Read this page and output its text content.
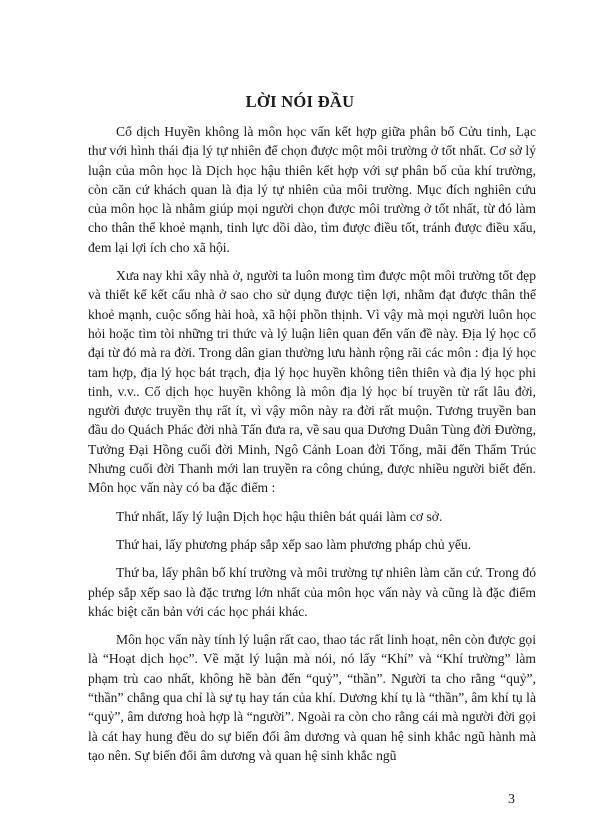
LỜI NÓI ĐẦU

Cổ dịch Huyền không là môn học vấn kết hợp giữa phân bố Cửu tinh, Lạc thư với hình thái địa lý tự nhiên để chọn được một môi trường ở tốt nhất. Cơ sở lý luận của môn học là Dịch học hậu thiên kết hợp với sự phân bố của khí trường, còn căn cứ khách quan là địa lý tự nhiên của môi trường. Mục đích nghiên cứu của môn học là nhằm giúp mọi người chọn được môi trường ở tốt nhất, từ đó làm cho thân thể khoẻ mạnh, tinh lực dồi dào, tìm được điều tốt, tránh được điều xấu, đem lại lợi ích cho xã hội.

Xưa nay khi xây nhà ở, người ta luôn mong tìm được một môi trường tốt đẹp và thiết kế kết cấu nhà ở sao cho sử dụng được tiện lợi, nhằm đạt được thân thể khoẻ mạnh, cuộc sống hài hoà, xã hội phồn thịnh. Vì vậy mà mọi người luôn học hỏi hoặc tìm tòi những tri thức và lý luận liên quan đến vấn đề này. Địa lý học cổ đại từ đó mà ra đời. Trong dân gian thường lưu hành rộng rãi các môn : địa lý học tam hợp, địa lý học bát trạch, địa lý học huyền không tiên thiên và địa lý học phi tinh, v.v.. Cổ dịch học huyền không là môn địa lý học bí truyền từ rất lâu đời, người được truyền thụ rất ít, vì vậy môn này ra đời rất muộn. Tương truyền ban đầu do Quách Phác đời nhà Tấn đưa ra, về sau qua Dương Duân Tùng đời Đường, Tưởng Đại Hồng cuối đời Minh, Ngô Cảnh Loan đời Tống, mãi đến Thẩm Trúc Nhưng cuối đời Thanh mới lan truyền ra công chúng, được nhiều người biết đến. Môn học vấn này có ba đặc điểm :

Thứ nhất, lấy lý luận Dịch học hậu thiên bát quái làm cơ sở.

Thứ hai, lấy phương pháp sắp xếp sao làm phương pháp chủ yếu.

Thứ ba, lấy phân bố khí trường và môi trường tự nhiên làm căn cứ. Trong đó phép sắp xếp sao là đặc trưng lớn nhất của môn học vấn này và cũng là đặc điểm khác biệt căn bản với các học phái khác.

Môn học vấn này tính lý luận rất cao, thao tác rất linh hoạt, nên còn được gọi là “Hoạt dịch học”. Về mặt lý luận mà nói, nó lấy “Khí” và “Khí trường” làm phạm trù cao nhất, không hề bàn đến “quỷ”, “thần”. Người ta cho rằng “quỷ”, “thần” chẳng qua chỉ là sự tụ hay tán của khí. Dương khí tụ là “thần”, âm khí tụ là “quỷ”, âm dương hoà hợp là “người”. Ngoài ra còn cho rằng cái mà người đời gọi là cát hay hung đều do sự biến đổi âm dương và quan hệ sinh khắc ngũ hành mà tạo nên. Sự biến đổi âm dương và quan hệ sinh khắc ngũ

3
